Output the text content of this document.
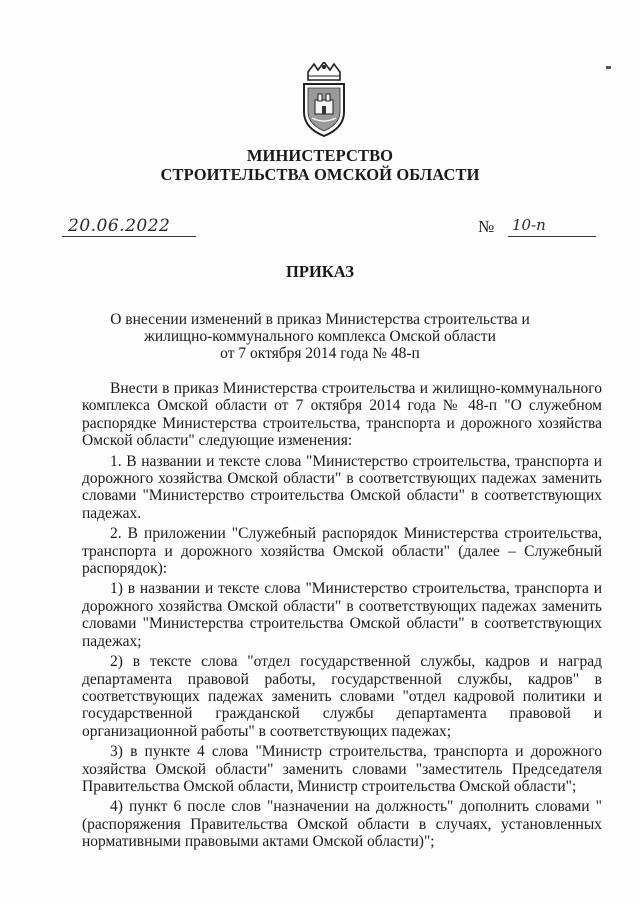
МИНИСТЕРСТВО
СТРОИТЕЛЬСТВА ОМСКОЙ ОБЛАСТИ
20.06.2022	№ 10-п
ПРИКАЗ
О внесении изменений в приказ Министерства строительства и
жилищно-коммунального комплекса Омской области
от 7 октября 2014 года № 48-п

Внести в приказ Министерства строительства и жилищно-коммунального комплекса Омской области от 7 октября 2014 года № 48-п "О служебном распорядке Министерства строительства, транспорта и дорожного хозяйства Омской области" следующие изменения:

1. В названии и тексте слова "Министерство строительства, транспорта и дорожного хозяйства Омской области" в соответствующих падежах заменить словами "Министерство строительства Омской области" в соответствующих падежах.

2. В приложении "Служебный распорядок Министерства строительства, транспорта и дорожного хозяйства Омской области" (далее – Служебный распорядок):

1) в названии и тексте слова "Министерство строительства, транспорта и дорожного хозяйства Омской области" в соответствующих падежах заменить словами "Министерства строительства Омской области" в соответствующих падежах;

2) в тексте слова "отдел государственной службы, кадров и наград департамента правовой работы, государственной службы, кадров" в соответствующих падежах заменить словами "отдел кадровой политики и государственной гражданской службы департамента правовой и организационной работы" в соответствующих падежах;

3) в пункте 4 слова "Министр строительства, транспорта и дорожного хозяйства Омской области" заменить словами "заместитель Председателя Правительства Омской области, Министр строительства Омской области";

4) пункт 6 после слов "назначении на должность" дополнить словами "(распоряжения Правительства Омской области в случаях, установленных нормативными правовыми актами Омской области)";
